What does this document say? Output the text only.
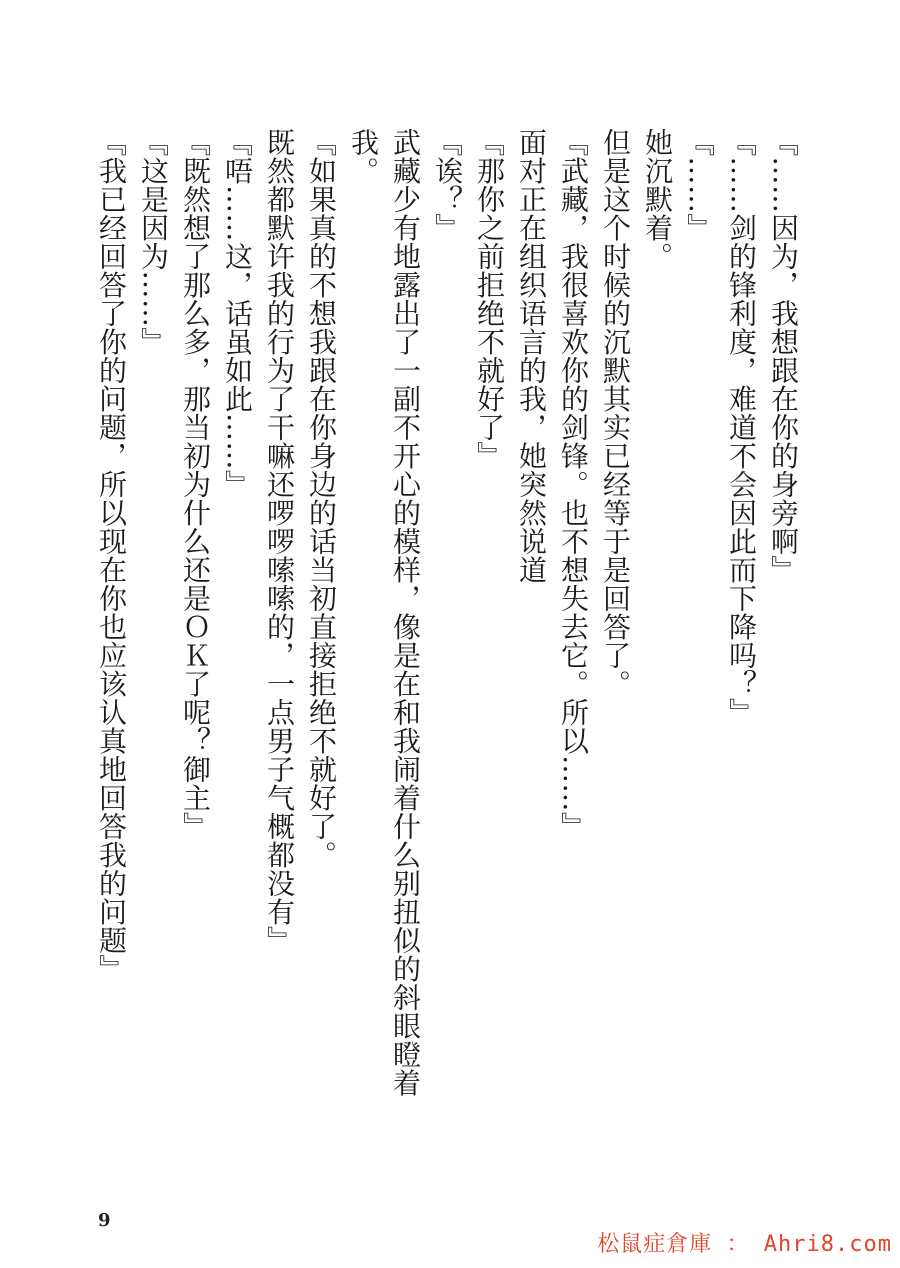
『……因为，我想跟在你的身旁啊』

『……剑的锋利度，难道不会因此而下降吗？』

『……』

她沉默着。

但是这个时候的沉默其实已经等于是回答了。

『武藏，我很喜欢你的剑锋。也不想失去它。所以……』

面对正在组织语言的我，她突然说道

『那你之前拒绝不就好了』

『诶？』

武藏少有地露出了一副不开心的模样，像是在和我闹着什么别扭似的斜眼瞪着我。

『如果真的不想我跟在你身边的话当初直接拒绝不就好了。

既然都默许我的行为了干嘛还啰啰嗦嗦的，一点男子气概都没有』

『唔……这，话虽如此……』

『既然想了那么多，那当初为什么还是ＯＫ了呢？御主』

『这是因为……』

『我已经回答了你的问题，所以现在你也应该认真地回答我的问题』

9
松鼠症倉庫 ： Ahri8.com
